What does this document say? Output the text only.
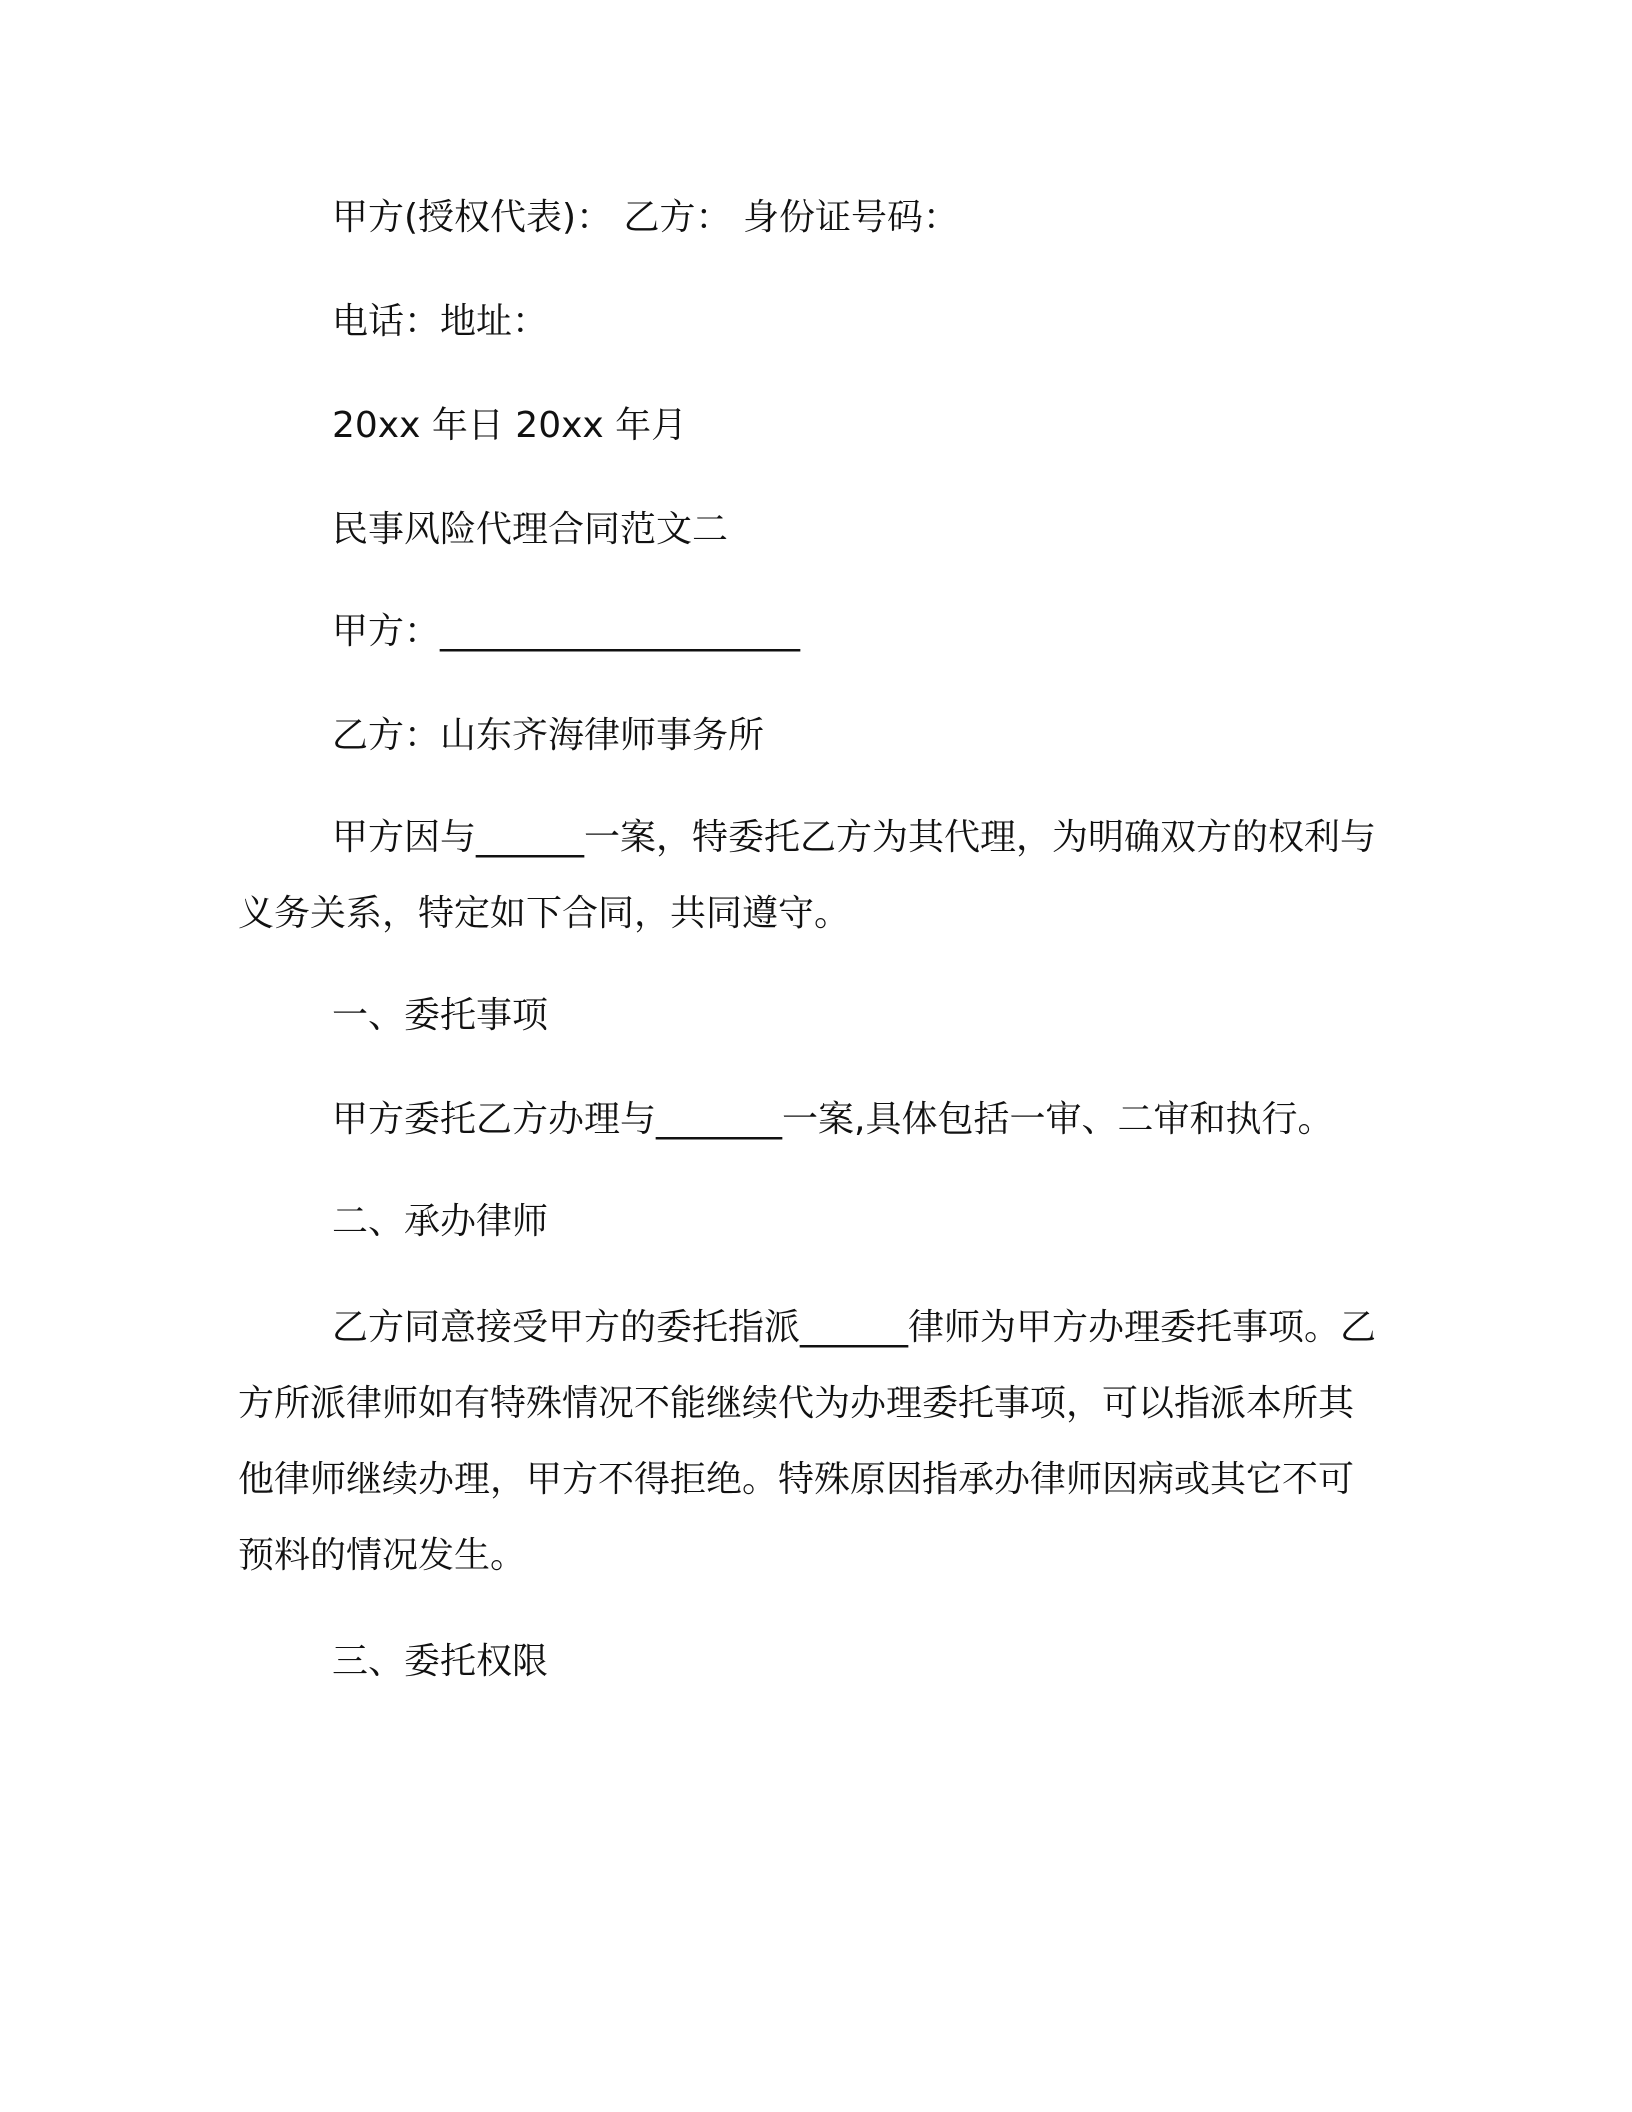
甲方(授权代表)： 乙方： 身份证号码：
电话：地址：
20xx 年日 20xx 年月
民事风险代理合同范文二
甲方：____________________
乙方：山东齐海律师事务所
甲方因与______一案，特委托乙方为其代理，为明确双方的权利与义务关系，特定如下合同，共同遵守。
一、委托事项
甲方委托乙方办理与_______一案,具体包括一审、二审和执行。
二、承办律师
乙方同意接受甲方的委托指派______律师为甲方办理委托事项。乙方所派律师如有特殊情况不能继续代为办理委托事项，可以指派本所其他律师继续办理，甲方不得拒绝。特殊原因指承办律师因病或其它不可预料的情况发生。
三、委托权限
